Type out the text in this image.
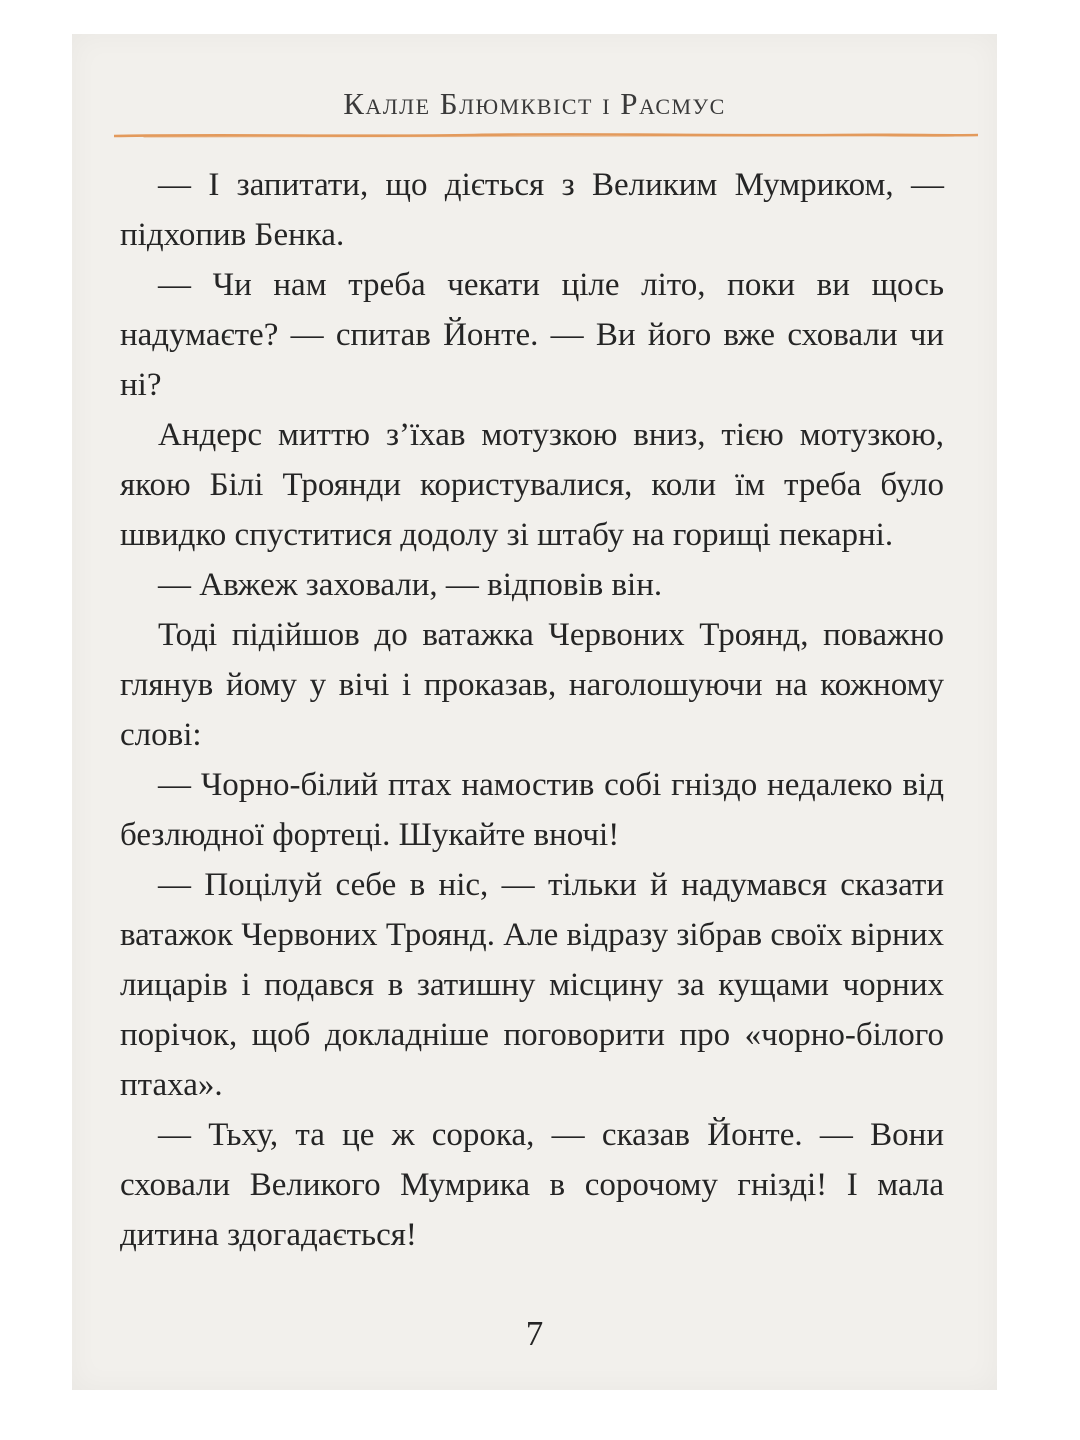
Калле Блюмквіст і Расмус

— І запитати, що діється з Великим Мумриком, — підхопив Бенка.

— Чи нам треба чекати ціле літо, поки ви щось надумаєте? — спитав Йонте. — Ви його вже сховали чи ні?

Андерс миттю з’їхав мотузкою вниз, тією мотузкою, якою Білі Троянди користувалися, коли їм треба було швидко спуститися додолу зі штабу на горищі пекарні.

— Авжеж заховали, — відповів він.

Тоді підійшов до ватажка Червоних Троянд, поважно глянув йому у вічі і проказав, наголошуючи на кожному слові:

— Чорно-білий птах намостив собі гніздо недалеко від безлюдної фортеці. Шукайте вночі!

— Поцілуй себе в ніс, — тільки й надумався сказати ватажок Червоних Троянд. Але відразу зібрав своїх вірних лицарів і подався в затишну місцину за кущами чорних порічок, щоб докладніше поговорити про «чорно-білого птаха».

— Тьху, та це ж сорока, — сказав Йонте. — Вони сховали Великого Мумрика в сорочому гнізді! І мала дитина здогадається!

7
